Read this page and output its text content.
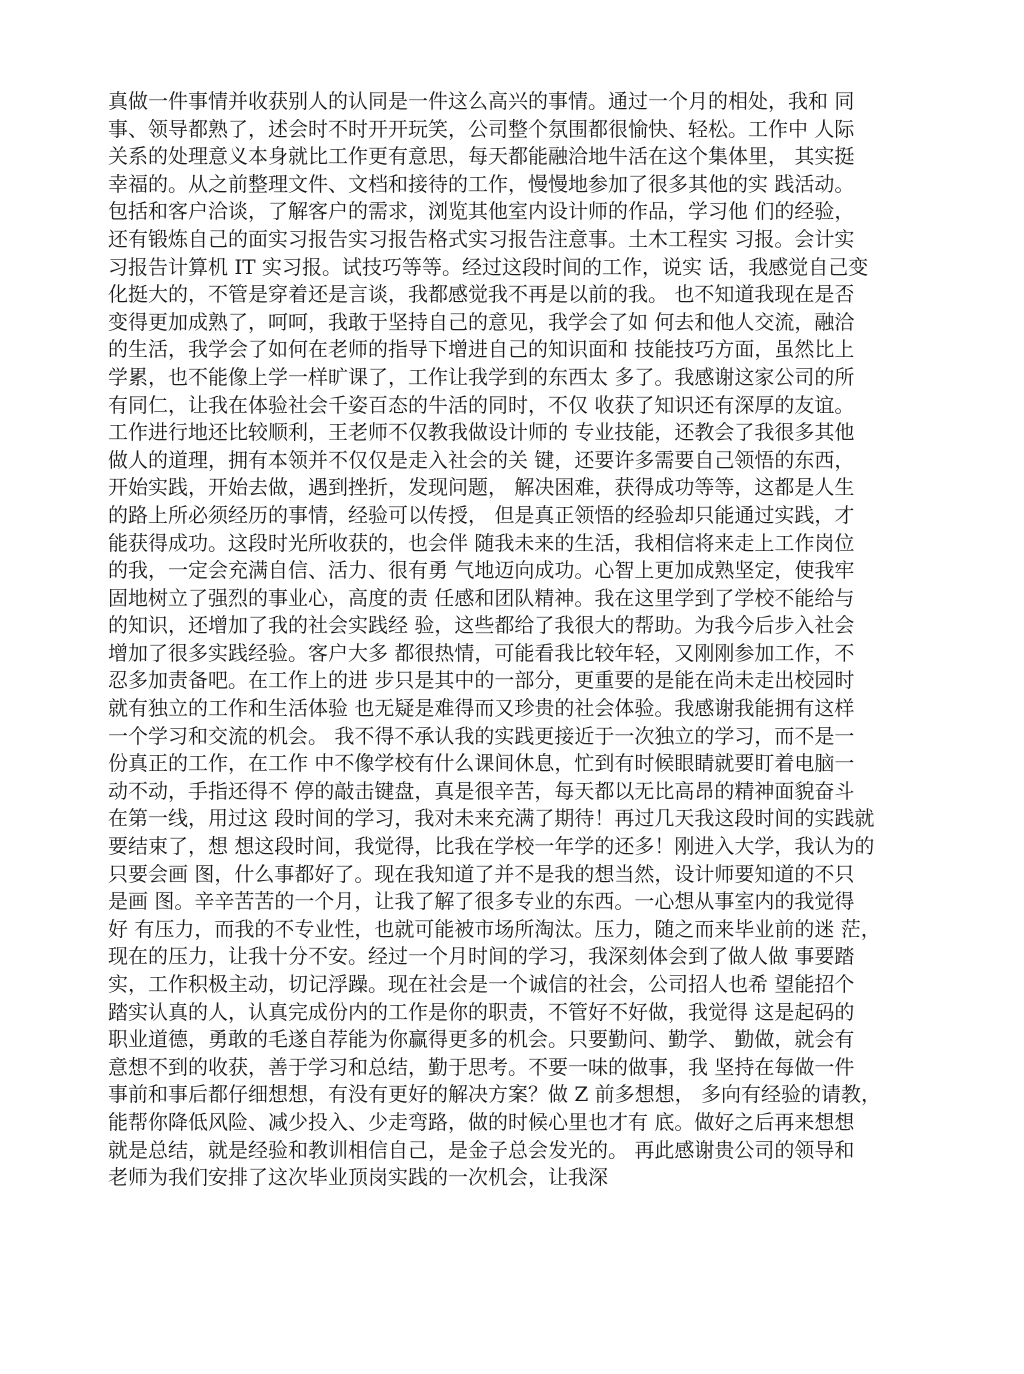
真做一件事情并收获别人的认同是一件这么高兴的事情。通过一个月的相处，我和 同
事、领导都熟了，述会时不时开开玩笑，公司整个氛围都很愉快、轻松。工作中 人际
关系的处理意义本身就比工作更有意思，每天都能融洽地牛活在这个集体里， 其实挺
幸福的。从之前整理文件、文档和接待的工作，慢慢地参加了很多其他的实 践活动。
包括和客户洽谈，了解客户的需求，浏览其他室内设计师的作品，学习他 们的经验，
还有锻炼自己的面实习报告实习报告格式实习报告注意事。土木工程实 习报。会计实
习报告计算机 IT 实习报。试技巧等等。经过这段时间的工作，说实 话，我感觉自己变
化挺大的，不管是穿着还是言谈，我都感觉我不再是以前的我。 也不知道我现在是否
变得更加成熟了，呵呵，我敢于坚持自己的意见，我学会了如 何去和他人交流，融洽
的生活，我学会了如何在老师的指导下增进自己的知识面和 技能技巧方面，虽然比上
学累，也不能像上学一样旷课了，工作让我学到的东西太 多了。我感谢这家公司的所
有同仁，让我在体验社会千姿百态的牛活的同时，不仅 收获了知识还有深厚的友谊。
工作进行地还比较顺利，王老师不仅教我做设计师的 专业技能，还教会了我很多其他
做人的道理，拥有本领并不仅仅是走入社会的关 键，还要许多需要自己领悟的东西，
开始实践，开始去做，遇到挫折，发现问题， 解决困难，获得成功等等，这都是人生
的路上所必须经历的事情，经验可以传授， 但是真正领悟的经验却只能通过实践，才
能获得成功。这段时光所收获的，也会伴 随我未来的生活，我相信将来走上工作岗位
的我，一定会充满自信、活力、很有勇 气地迈向成功。心智上更加成熟坚定，使我牢
固地树立了强烈的事业心，高度的责 任感和团队精神。我在这里学到了学校不能给与
的知识，还增加了我的社会实践经 验，这些都给了我很大的帮助。为我今后步入社会
增加了很多实践经验。客户大多 都很热情，可能看我比较年轻，又刚刚参加工作，不
忍多加责备吧。在工作上的进 步只是其中的一部分，更重要的是能在尚未走出校园时
就有独立的工作和生活体验 也无疑是难得而又珍贵的社会体验。我感谢我能拥有这样
一个学习和交流的机会。 我不得不承认我的实践更接近于一次独立的学习，而不是一
份真正的工作，在工作 中不像学校有什么课间休息，忙到有时候眼睛就要盯着电脑一
动不动，手指还得不 停的敲击键盘，真是很辛苦，每天都以无比高昂的精神面貌奋斗
在第一线，用过这 段时间的学习，我对未来充满了期待！再过几天我这段时间的实践就
要结束了，想 想这段时间，我觉得，比我在学校一年学的还多！刚进入大学，我认为的
只要会画 图，什么事都好了。现在我知道了并不是我的想当然，设计师要知道的不只
是画 图。辛辛苦苦的一个月，让我了解了很多专业的东西。一心想从事室内的我觉得
好 有压力，而我的不专业性，也就可能被市场所淘汰。压力，随之而来毕业前的迷 茫，
现在的压力，让我十分不安。经过一个月时间的学习，我深刻体会到了做人做 事要踏
实，工作积极主动，切记浮躁。现在社会是一个诚信的社会，公司招人也希 望能招个
踏实认真的人，认真完成份内的工作是你的职责，不管好不好做，我觉得 这是起码的
职业道德，勇敢的毛遂自荐能为你赢得更多的机会。只要勤问、勤学、 勤做，就会有
意想不到的收获，善于学习和总结，勤于思考。不要一味的做事，我 坚持在每做一件
事前和事后都仔细想想，有没有更好的解决方案？做 Z 前多想想， 多向有经验的请教，
能帮你降低风险、减少投入、少走弯路，做的时候心里也才有 底。做好之后再来想想
就是总结，就是经验和教训相信自己，是金子总会发光的。 再此感谢贵公司的领导和
老师为我们安排了这次毕业顶岗实践的一次机会，让我深
